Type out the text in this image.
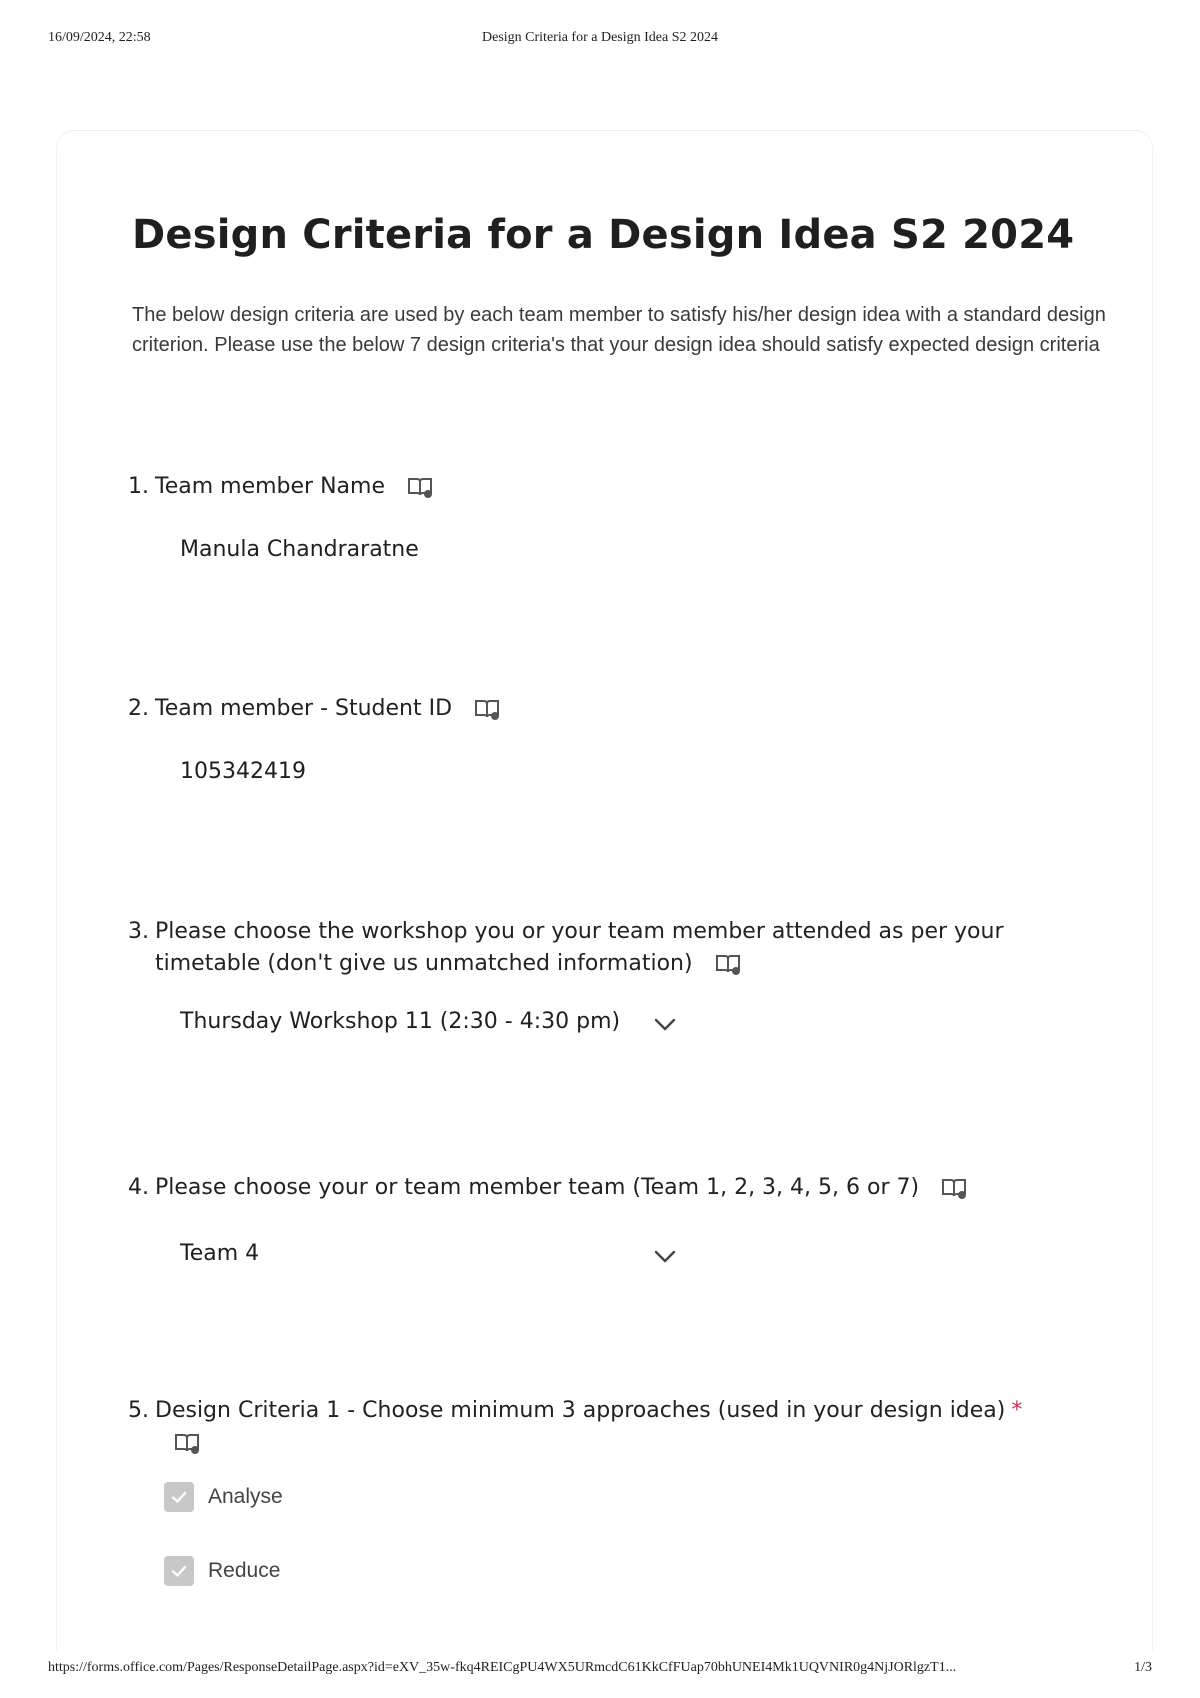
16/09/2024, 22:58	Design Criteria for a Design Idea S2 2024
Design Criteria for a Design Idea S2 2024

The below design criteria are used by each team member to satisfy his/her design idea with a standard design criterion. Please use the below 7 design criteria's that your design idea should satisfy expected design criteria

1. Team member Name
Manula Chandraratne
2. Team member - Student ID
105342419
3. Please choose the workshop you or your team member attended as per your timetable (don't give us unmatched information)
Thursday Workshop 11 (2:30 - 4:30 pm)
4. Please choose your or team member team (Team 1, 2, 3, 4, 5, 6 or 7)
Team 4
5. Design Criteria 1 - Choose minimum 3 approaches (used in your design idea) *

Analyse
Reduce
https://forms.office.com/Pages/ResponseDetailPage.aspx?id=eXV_35w-fkq4REICgPU4WX5URmcdC61KkCfFUap70bhUNEI4Mk1UQVNIR0g4NjJORlgzT1...	1/3
